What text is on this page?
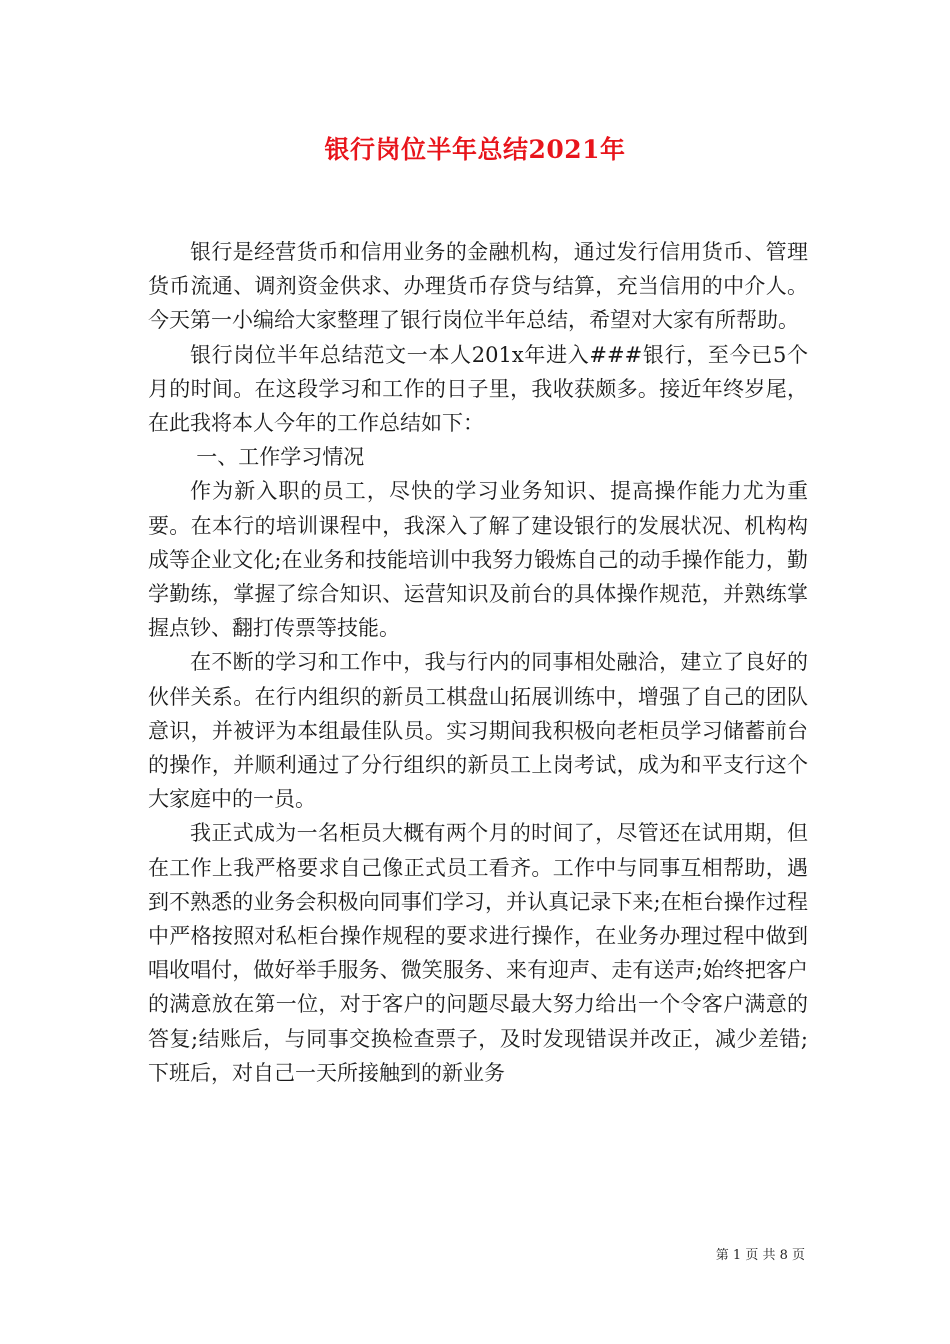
银行岗位半年总结2021年

银行是经营货币和信用业务的金融机构，通过发行信用货币、管理货币流通、调剂资金供求、办理货币存贷与结算，充当信用的中介人。今天第一小编给大家整理了银行岗位半年总结，希望对大家有所帮助。

银行岗位半年总结范文一本人201x年进入###银行，至今已5个月的时间。在这段学习和工作的日子里，我收获颇多。接近年终岁尾，在此我将本人今年的工作总结如下：

一、工作学习情况

作为新入职的员工，尽快的学习业务知识、提高操作能力尤为重要。在本行的培训课程中，我深入了解了建设银行的发展状况、机构构成等企业文化;在业务和技能培训中我努力锻炼自己的动手操作能力，勤学勤练，掌握了综合知识、运营知识及前台的具体操作规范，并熟练掌握点钞、翻打传票等技能。

在不断的学习和工作中，我与行内的同事相处融洽，建立了良好的伙伴关系。在行内组织的新员工棋盘山拓展训练中，增强了自己的团队意识，并被评为本组最佳队员。实习期间我积极向老柜员学习储蓄前台的操作，并顺利通过了分行组织的新员工上岗考试，成为和平支行这个大家庭中的一员。

我正式成为一名柜员大概有两个月的时间了，尽管还在试用期，但在工作上我严格要求自己像正式员工看齐。工作中与同事互相帮助，遇到不熟悉的业务会积极向同事们学习，并认真记录下来;在柜台操作过程中严格按照对私柜台操作规程的要求进行操作，在业务办理过程中做到唱收唱付，做好举手服务、微笑服务、来有迎声、走有送声;始终把客户的满意放在第一位，对于客户的问题尽最大努力给出一个令客户满意的答复;结账后，与同事交换检查票子，及时发现错误并改正，减少差错;下班后，对自己一天所接触到的新业务

第 1 页 共 8 页
